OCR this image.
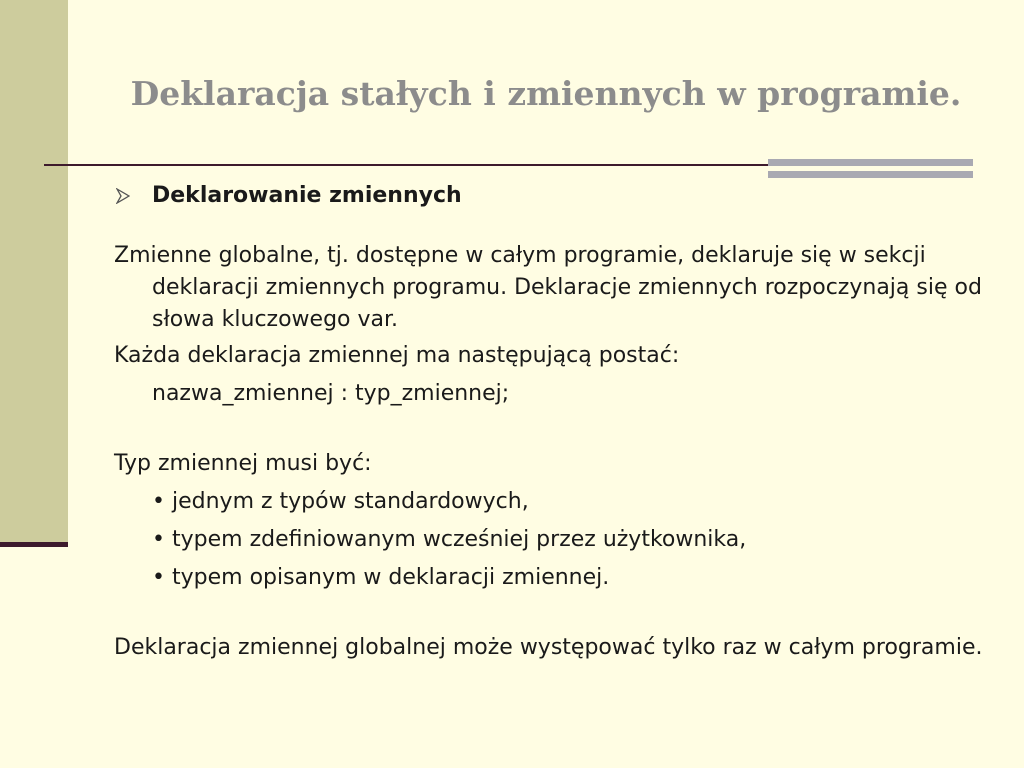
Deklaracja stałych i zmiennych w programie.
Deklarowanie zmiennych
Zmienne globalne, tj. dostępne w całym programie, deklaruje się w sekcji deklaracji zmiennych programu. Deklaracje zmiennych rozpoczynają się od słowa kluczowego var.
Każda deklaracja zmiennej ma następującą postać:
nazwa_zmiennej : typ_zmiennej;
Typ zmiennej musi być:
• jednym z typów standardowych,
• typem zdefiniowanym wcześniej przez użytkownika,
• typem opisanym w deklaracji zmiennej.
Deklaracja zmiennej globalnej może występować tylko raz w całym programie.
